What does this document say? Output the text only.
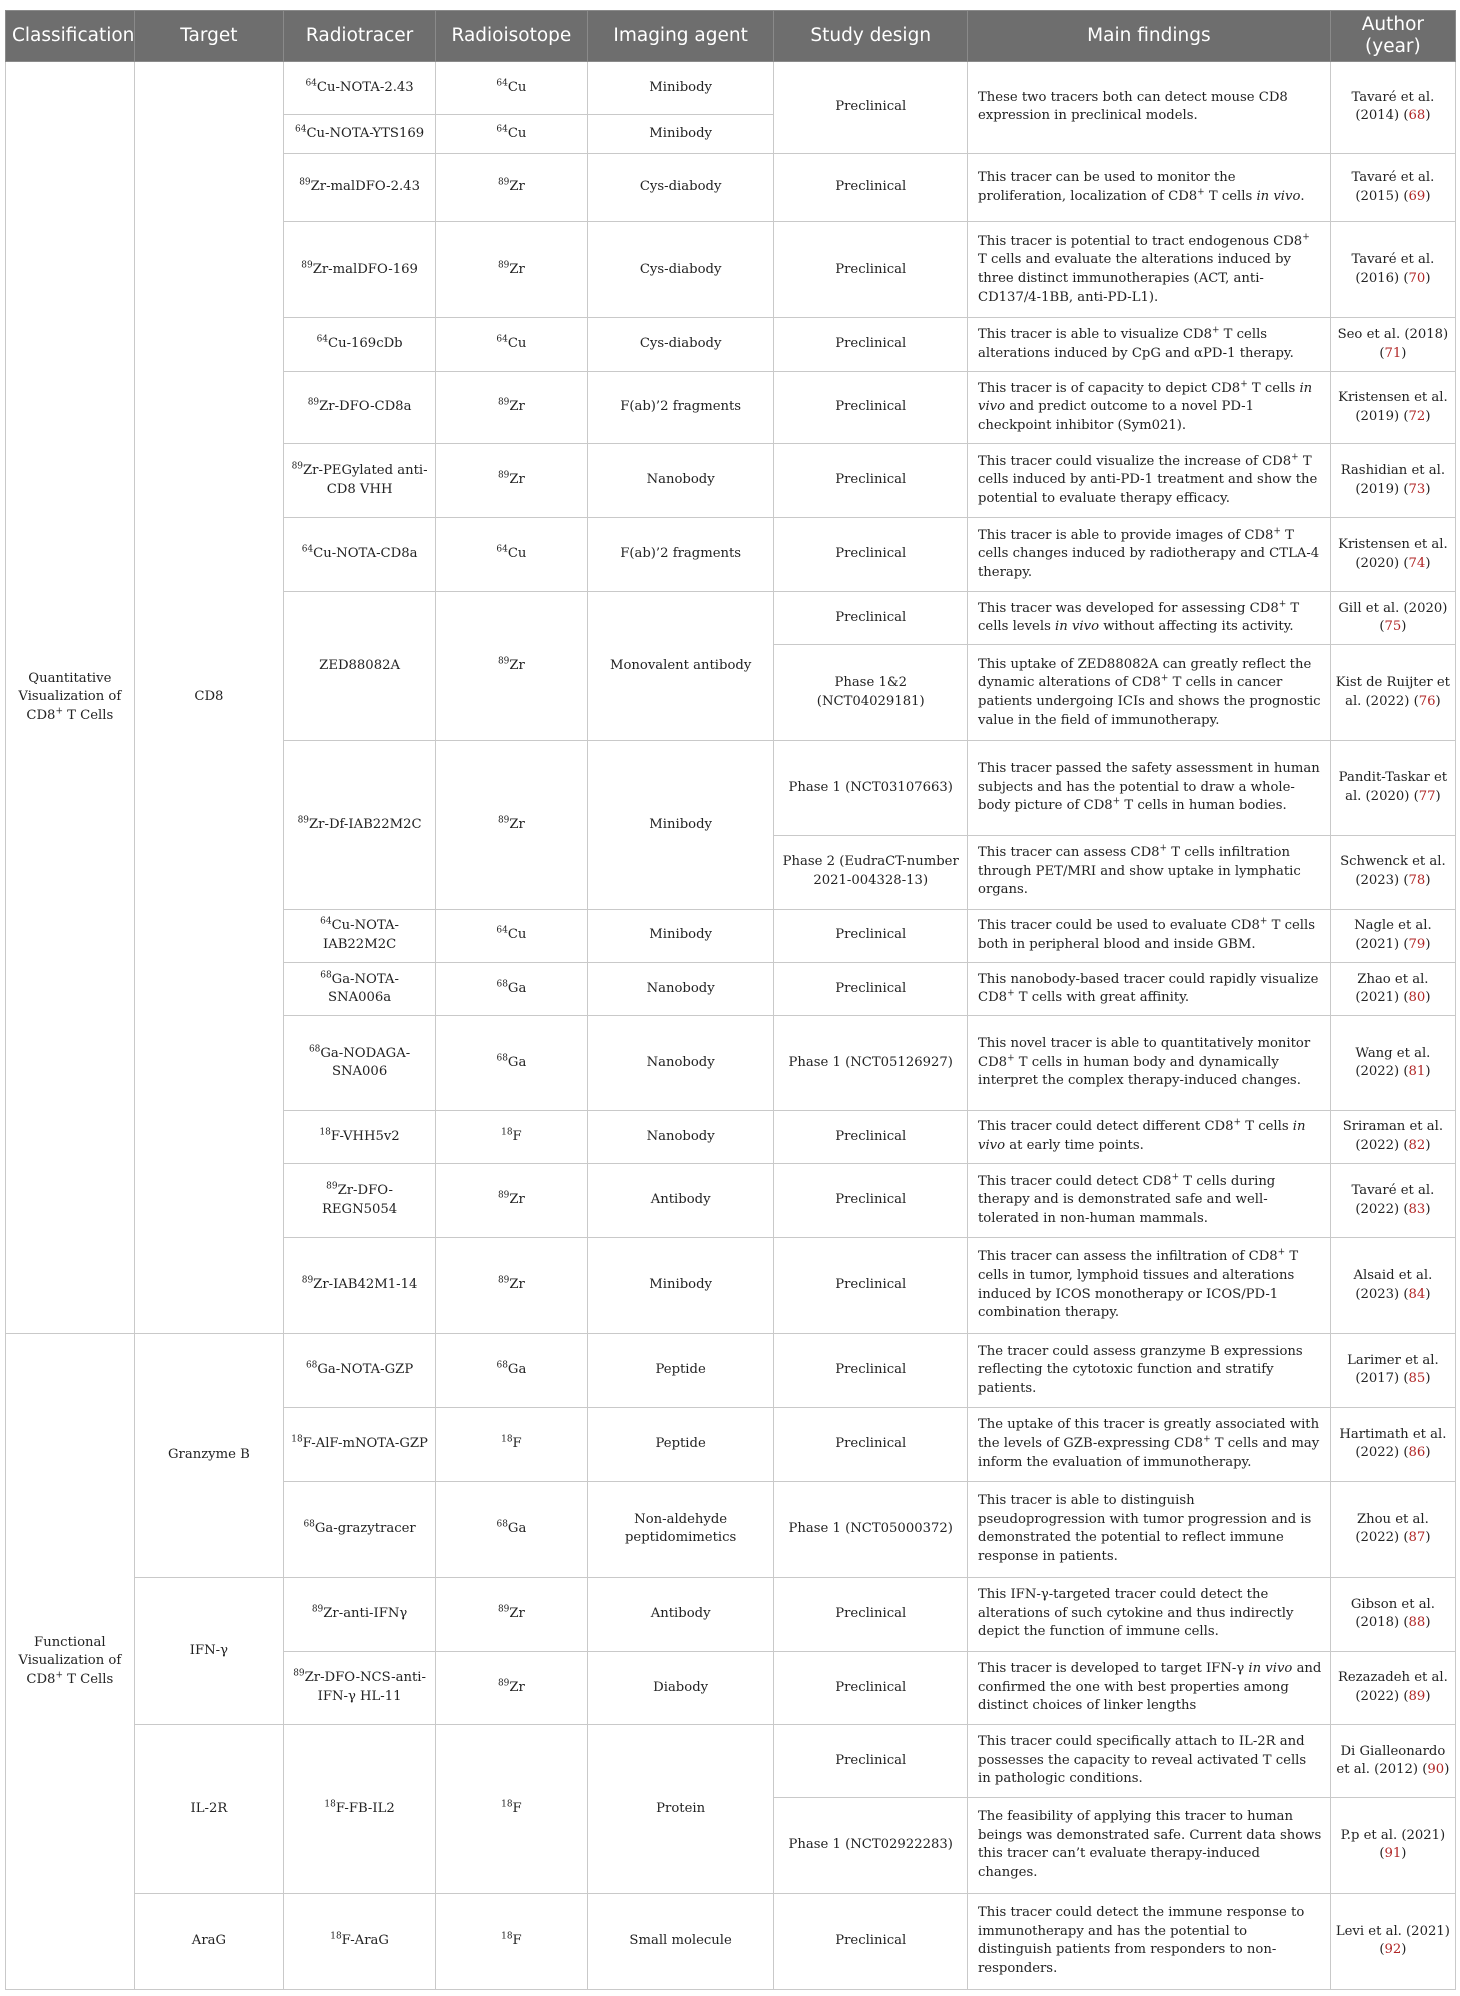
Classification	Target	Radiotracer	Radioisotope	Imaging agent	Study design	Main findings	Author (year)
Quantitative Visualization of CD8+ T Cells	CD8	$^{64}$Cu-NOTA-2.43	$^{64}$Cu	Minibody	Preclinical	These two tracers both can detect mouse CD8 expression in preclinical models.	Tavaré et al. (2014) ( 68 )
		$^{64}$Cu-NOTA-YTS169	$^{64}$Cu	Minibody			
		$^{89}$Zr-malDFO-2.43	$^{89}$Zr	Cys-diabody	Preclinical	This tracer can be used to monitor the proliferation, localization of CD8+ T cells in vivo.	Tavaré et al. (2015) ( 69 )
		$^{89}$Zr-malDFO-169	$^{89}$Zr	Cys-diabody	Preclinical	This tracer is potential to tract endogenous CD8+ T cells and evaluate the alterations induced by three distinct immunotherapies (ACT, anti-CD137/4-1BB, anti-PD-L1).	Tavaré et al. (2016) ( 70 )
		$^{64}$Cu-169cDb	$^{64}$Cu	Cys-diabody	Preclinical	This tracer is able to visualize CD8+ T cells alterations induced by CpG and αPD-1 therapy.	Seo et al. (2018) ( 71 )
		$^{89}$Zr-DFO-CD8a	$^{89}$Zr	F(ab)’2 fragments	Preclinical	This tracer is of capacity to depict CD8+ T cells in vivo and predict outcome to a novel PD-1 checkpoint inhibitor (Sym021).	Kristensen et al. (2019) ( 72 )
		$^{89}$Zr-PEGylated anti-CD8 VHH	$^{89}$Zr	Nanobody	Preclinical	This tracer could visualize the increase of CD8+ T cells induced by anti-PD-1 treatment and show the potential to evaluate therapy efficacy.	Rashidian et al. (2019) ( 73 )
		$^{64}$Cu-NOTA-CD8a	$^{64}$Cu	F(ab)’2 fragments	Preclinical	This tracer is able to provide images of CD8+ T cells changes induced by radiotherapy and CTLA-4 therapy.	Kristensen et al. (2020) ( 74 )
		ZED88082A	$^{89}$Zr	Monovalent antibody	Preclinical	This tracer was developed for assessing CD8+ T cells levels in vivo without affecting its activity.	Gill et al. (2020) ( 75 )
					Phase 1&2 (NCT04029181)	This uptake of ZED88082A can greatly reflect the dynamic alterations of CD8+ T cells in cancer patients undergoing ICIs and shows the prognostic value in the field of immunotherapy.	Kist de Ruijter et al. (2022) ( 76 )
		$^{89}$Zr-Df-IAB22M2C	$^{89}$Zr	Minibody	Phase 1 (NCT03107663)	This tracer passed the safety assessment in human subjects and has the potential to draw a whole-body picture of CD8+ T cells in human bodies.	Pandit-Taskar et al. (2020) ( 77 )
					Phase 2 (EudraCT-number 2021-004328-13)	This tracer can assess CD8+ T cells infiltration through PET/MRI and show uptake in lymphatic organs.	Schwenck et al. (2023) ( 78 )
		$^{64}$Cu-NOTA-IAB22M2C	$^{64}$Cu	Minibody	Preclinical	This tracer could be used to evaluate CD8+ T cells both in peripheral blood and inside GBM.	Nagle et al. (2021) ( 79 )
		$^{68}$Ga-NOTA-SNA006a	$^{68}$Ga	Nanobody	Preclinical	This nanobody-based tracer could rapidly visualize CD8+ T cells with great affinity.	Zhao et al. (2021) ( 80 )
		$^{68}$Ga-NODAGA-SNA006	$^{68}$Ga	Nanobody	Phase 1 (NCT05126927)	This novel tracer is able to quantitatively monitor CD8+ T cells in human body and dynamically interpret the complex therapy-induced changes.	Wang et al. (2022) ( 81 )
		$^{18}$F-VHH5v2	$^{18}$F	Nanobody	Preclinical	This tracer could detect different CD8+ T cells in vivo at early time points.	Sriraman et al. (2022) ( 82 )
		$^{89}$Zr-DFO-REGN5054	$^{89}$Zr	Antibody	Preclinical	This tracer could detect CD8+ T cells during therapy and is demonstrated safe and well-tolerated in non-human mammals.	Tavaré et al. (2022) ( 83 )
		$^{89}$Zr-IAB42M1-14	$^{89}$Zr	Minibody	Preclinical	This tracer can assess the infiltration of CD8+ T cells in tumor, lymphoid tissues and alterations induced by ICOS monotherapy or ICOS/PD-1 combination therapy.	Alsaid et al. (2023) ( 84 )
Functional Visualization of CD8+ T Cells	Granzyme B	$^{68}$Ga-NOTA-GZP	$^{68}$Ga	Peptide	Preclinical	The tracer could assess granzyme B expressions reflecting the cytotoxic function and stratify patients.	Larimer et al. (2017) ( 85 )
		$^{18}$F-AlF-mNOTA-GZP	$^{18}$F	Peptide	Preclinical	The uptake of this tracer is greatly associated with the levels of GZB-expressing CD8+ T cells and may inform the evaluation of immunotherapy.	Hartimath et al. (2022) ( 86 )
		$^{68}$Ga-grazytracer	$^{68}$Ga	Non-aldehyde peptidomimetics	Phase 1 (NCT05000372)	This tracer is able to distinguish pseudoprogression with tumor progression and is demonstrated the potential to reflect immune response in patients.	Zhou et al. (2022) ( 87 )
	IFN-γ	$^{89}$Zr-anti-IFNγ	$^{89}$Zr	Antibody	Preclinical	This IFN-γ-targeted tracer could detect the alterations of such cytokine and thus indirectly depict the function of immune cells.	Gibson et al. (2018) ( 88 )
		$^{89}$Zr-DFO-NCS-anti-IFN-γ HL-11	$^{89}$Zr	Diabody	Preclinical	This tracer is developed to target IFN-γ in vivo and confirmed the one with best properties among distinct choices of linker lengths	Rezazadeh et al. (2022) ( 89 )
	IL-2R	$^{18}$F-FB-IL2	$^{18}$F	Protein	Preclinical	This tracer could specifically attach to IL-2R and possesses the capacity to reveal activated T cells in pathologic conditions.	Di Gialleonardo et al. (2012) ( 90 )
					Phase 1 (NCT02922283)	The feasibility of applying this tracer to human beings was demonstrated safe. Current data shows this tracer can’t evaluate therapy-induced changes.	P.p et al. (2021) ( 91 )
	AraG	$^{18}$F-AraG	$^{18}$F	Small molecule	Preclinical	This tracer could detect the immune response to immunotherapy and has the potential to distinguish patients from responders to non-responders.	Levi et al. (2021) ( 92 )
